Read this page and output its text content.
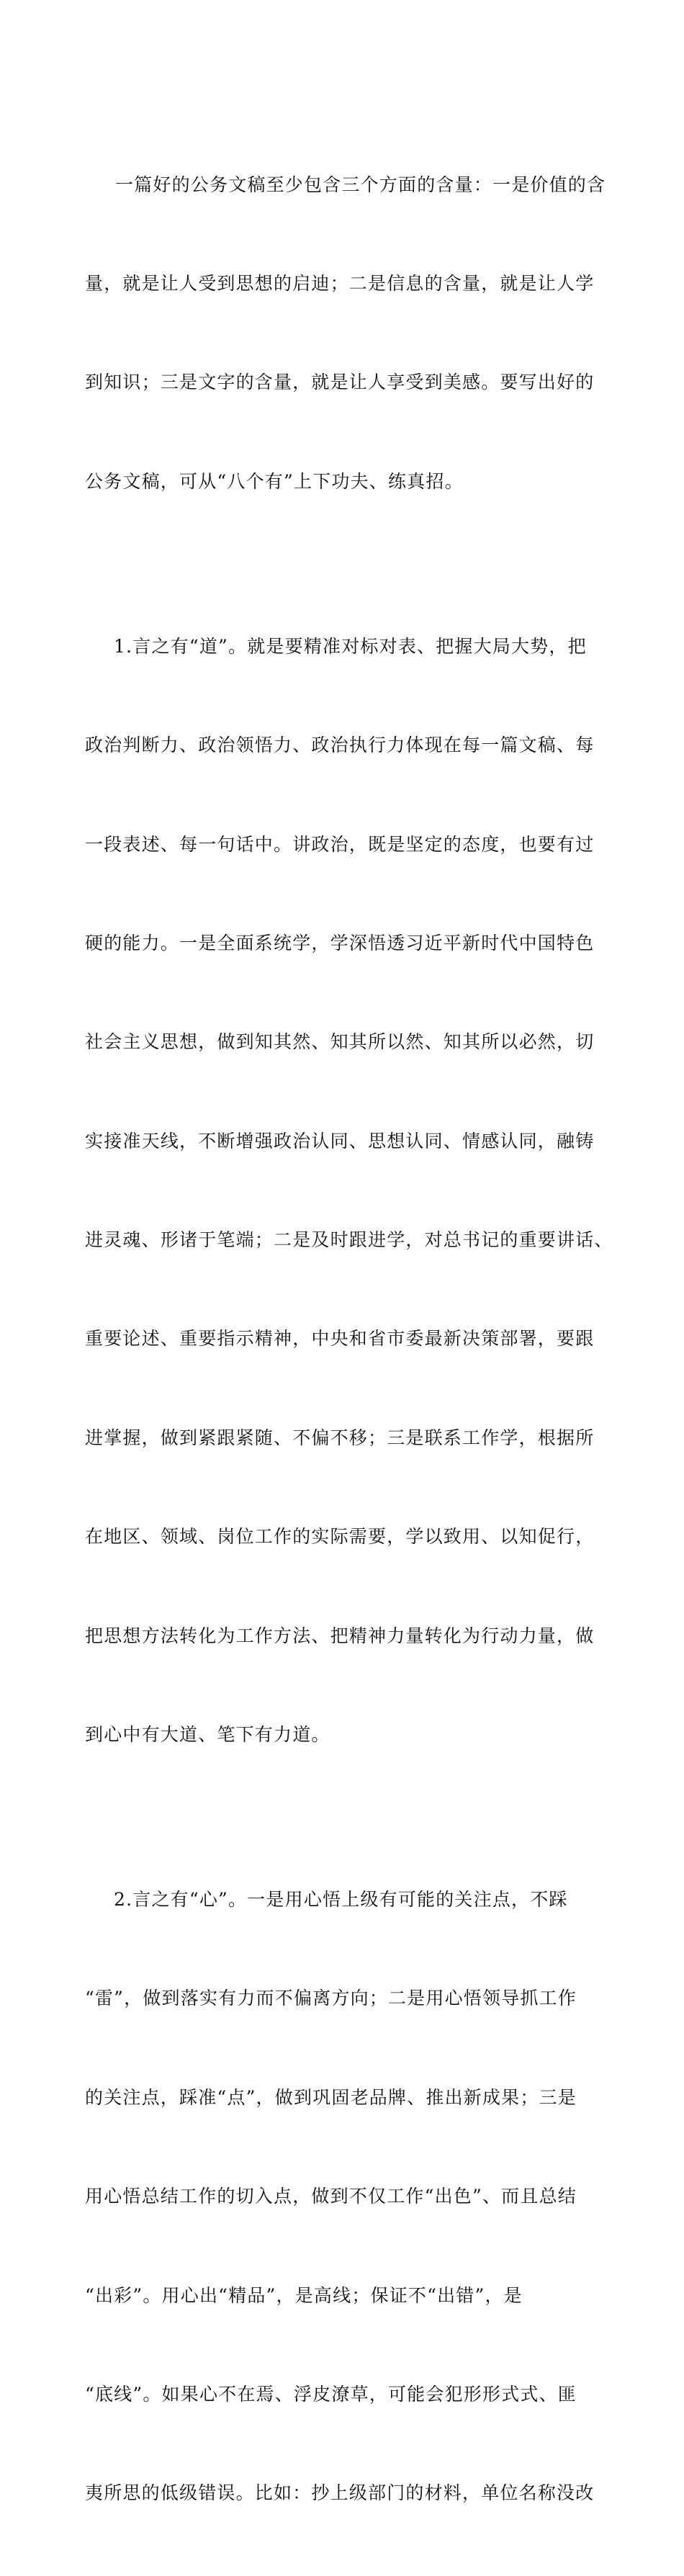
一篇好的公务文稿至少包含三个方面的含量：一是价值的含

量，就是让人受到思想的启迪；二是信息的含量，就是让人学

到知识；三是文字的含量，就是让人享受到美感。要写出好的

公务文稿，可从“八个有”上下功夫、练真招。

1.言之有“道”。就是要精准对标对表、把握大局大势，把

政治判断力、政治领悟力、政治执行力体现在每一篇文稿、每

一段表述、每一句话中。讲政治，既是坚定的态度，也要有过

硬的能力。一是全面系统学，学深悟透习近平新时代中国特色

社会主义思想，做到知其然、知其所以然、知其所以必然，切

实接准天线，不断增强政治认同、思想认同、情感认同，融铸

进灵魂、形诸于笔端；二是及时跟进学，对总书记的重要讲话、

重要论述、重要指示精神，中央和省市委最新决策部署，要跟

进掌握，做到紧跟紧随、不偏不移；三是联系工作学，根据所

在地区、领域、岗位工作的实际需要，学以致用、以知促行，

把思想方法转化为工作方法、把精神力量转化为行动力量，做

到心中有大道、笔下有力道。

2.言之有“心”。一是用心悟上级有可能的关注点，不踩

“雷”，做到落实有力而不偏离方向；二是用心悟领导抓工作

的关注点，踩准“点”，做到巩固老品牌、推出新成果；三是

用心悟总结工作的切入点，做到不仅工作“出色”、而且总结

“出彩”。用心出“精品”，是高线；保证不“出错”，是

“底线”。如果心不在焉、浮皮潦草，可能会犯形形式式、匪

夷所思的低级错误。比如：抄上级部门的材料，单位名称没改
